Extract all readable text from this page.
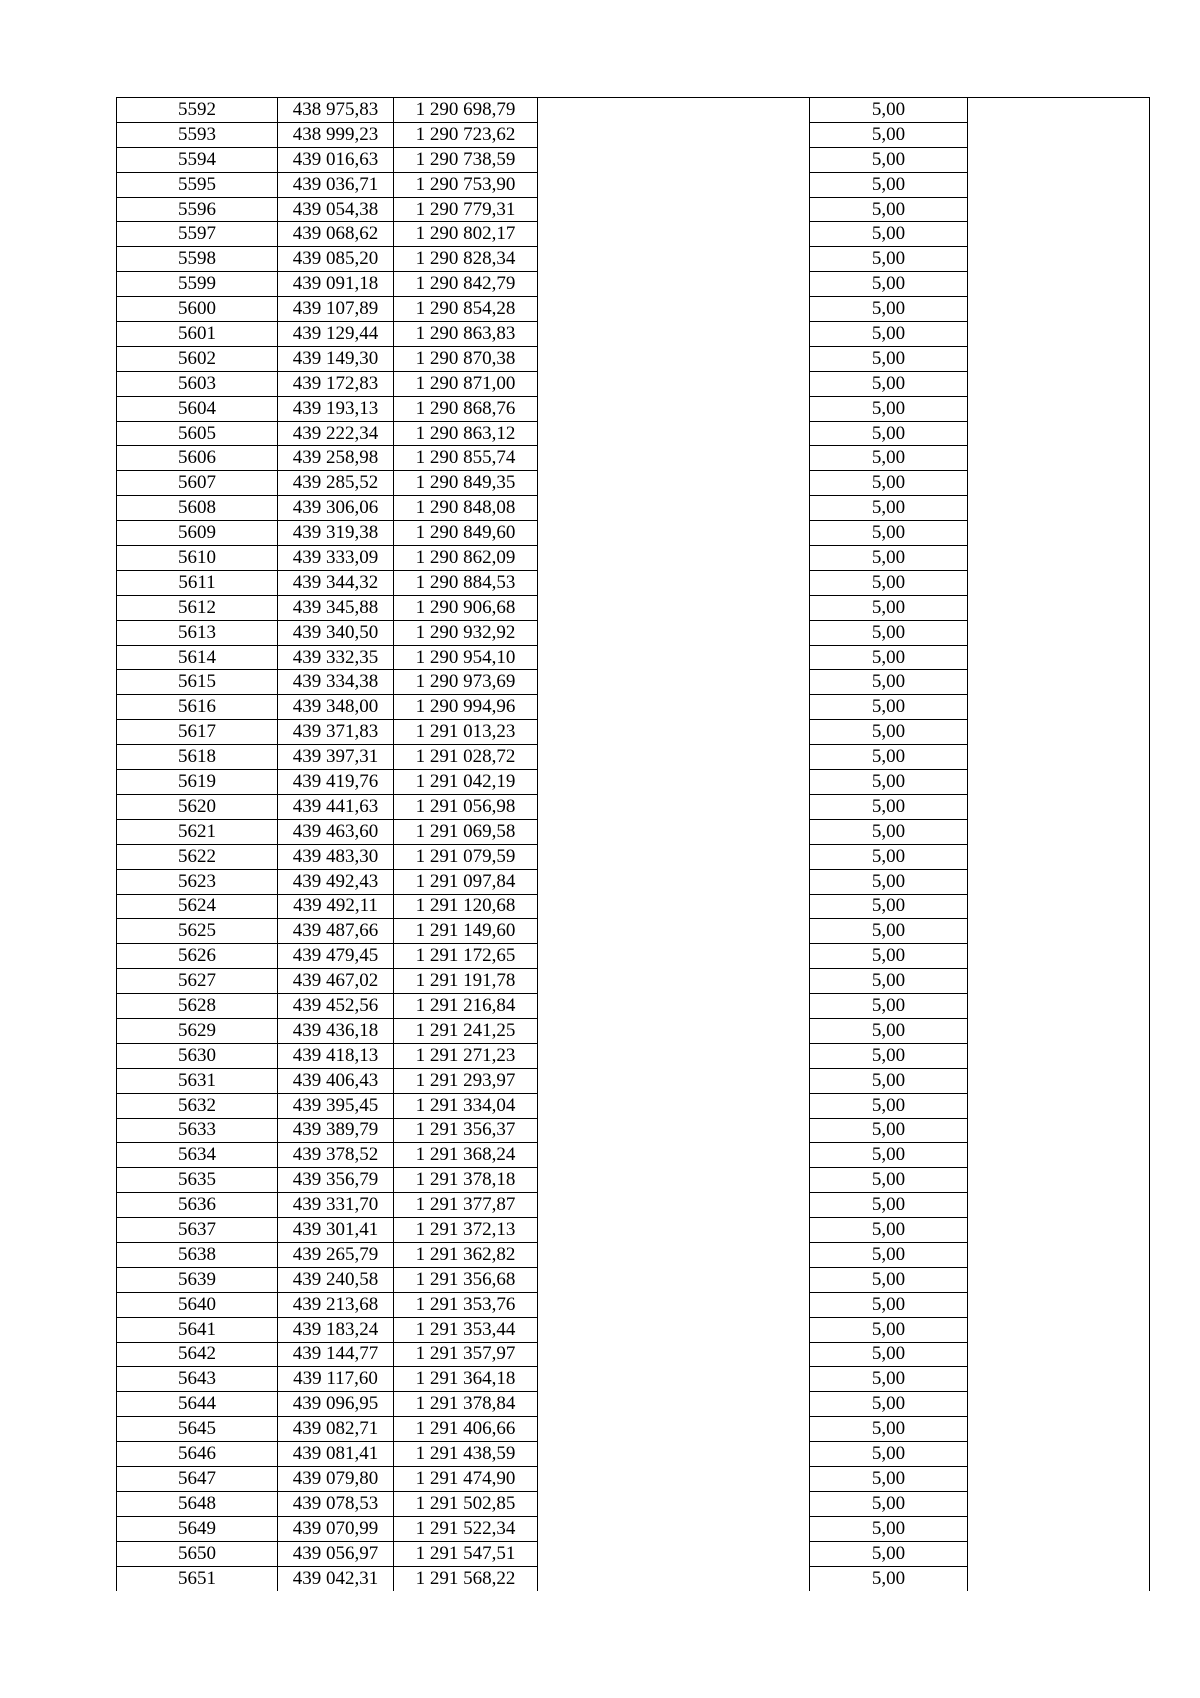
5592	438 975,83	1 290 698,79		5,00	
5593	438 999,23	1 290 723,62		5,00	
5594	439 016,63	1 290 738,59		5,00	
5595	439 036,71	1 290 753,90		5,00	
5596	439 054,38	1 290 779,31		5,00	
5597	439 068,62	1 290 802,17		5,00	
5598	439 085,20	1 290 828,34		5,00	
5599	439 091,18	1 290 842,79		5,00	
5600	439 107,89	1 290 854,28		5,00	
5601	439 129,44	1 290 863,83		5,00	
5602	439 149,30	1 290 870,38		5,00	
5603	439 172,83	1 290 871,00		5,00	
5604	439 193,13	1 290 868,76		5,00	
5605	439 222,34	1 290 863,12		5,00	
5606	439 258,98	1 290 855,74		5,00	
5607	439 285,52	1 290 849,35		5,00	
5608	439 306,06	1 290 848,08		5,00	
5609	439 319,38	1 290 849,60		5,00	
5610	439 333,09	1 290 862,09		5,00	
5611	439 344,32	1 290 884,53		5,00	
5612	439 345,88	1 290 906,68		5,00	
5613	439 340,50	1 290 932,92		5,00	
5614	439 332,35	1 290 954,10		5,00	
5615	439 334,38	1 290 973,69		5,00	
5616	439 348,00	1 290 994,96		5,00	
5617	439 371,83	1 291 013,23		5,00	
5618	439 397,31	1 291 028,72		5,00	
5619	439 419,76	1 291 042,19		5,00	
5620	439 441,63	1 291 056,98		5,00	
5621	439 463,60	1 291 069,58		5,00	
5622	439 483,30	1 291 079,59		5,00	
5623	439 492,43	1 291 097,84		5,00	
5624	439 492,11	1 291 120,68		5,00	
5625	439 487,66	1 291 149,60		5,00	
5626	439 479,45	1 291 172,65		5,00	
5627	439 467,02	1 291 191,78		5,00	
5628	439 452,56	1 291 216,84		5,00	
5629	439 436,18	1 291 241,25		5,00	
5630	439 418,13	1 291 271,23		5,00	
5631	439 406,43	1 291 293,97		5,00	
5632	439 395,45	1 291 334,04		5,00	
5633	439 389,79	1 291 356,37		5,00	
5634	439 378,52	1 291 368,24		5,00	
5635	439 356,79	1 291 378,18		5,00	
5636	439 331,70	1 291 377,87		5,00	
5637	439 301,41	1 291 372,13		5,00	
5638	439 265,79	1 291 362,82		5,00	
5639	439 240,58	1 291 356,68		5,00	
5640	439 213,68	1 291 353,76		5,00	
5641	439 183,24	1 291 353,44		5,00	
5642	439 144,77	1 291 357,97		5,00	
5643	439 117,60	1 291 364,18		5,00	
5644	439 096,95	1 291 378,84		5,00	
5645	439 082,71	1 291 406,66		5,00	
5646	439 081,41	1 291 438,59		5,00	
5647	439 079,80	1 291 474,90		5,00	
5648	439 078,53	1 291 502,85		5,00	
5649	439 070,99	1 291 522,34		5,00	
5650	439 056,97	1 291 547,51		5,00	
5651	439 042,31	1 291 568,22		5,00	
